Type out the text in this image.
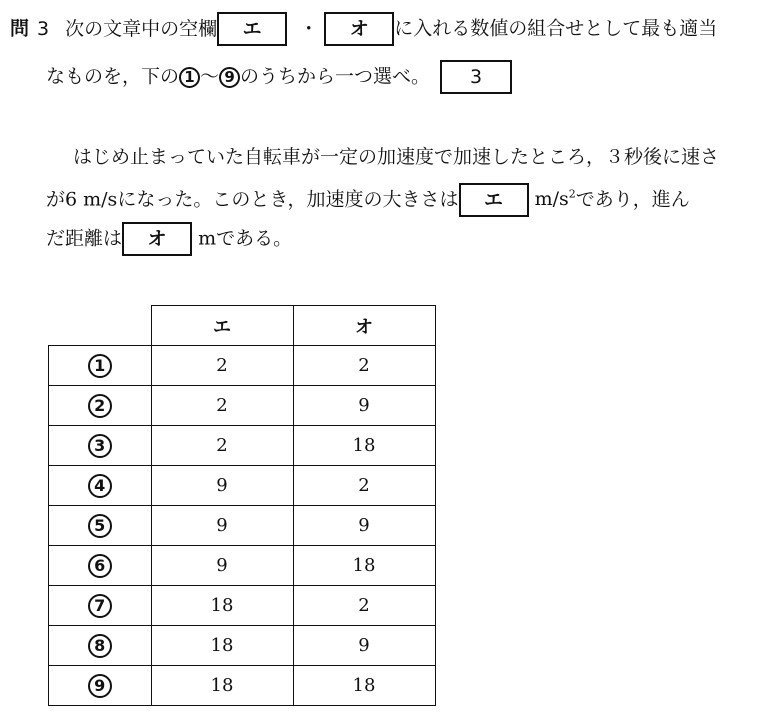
問 3 次の文章中の空欄 エ ・ オ に入れる数値の組合せとして最も適当
なものを，下の 1 ～ 9 のうちから一つ選べ。 3
はじめ止まっていた自転車が一定の加速度で加速したところ，３秒後に速さ
が6 m/sになった。このとき，加速度の大きさは エ $m/s^2$であり，進ん
だ距離は オ mである。
	エ	オ
1	2	2
2	2	9
3	2	18
4	9	2
5	9	9
6	9	18
7	18	2
8	18	9
9	18	18
